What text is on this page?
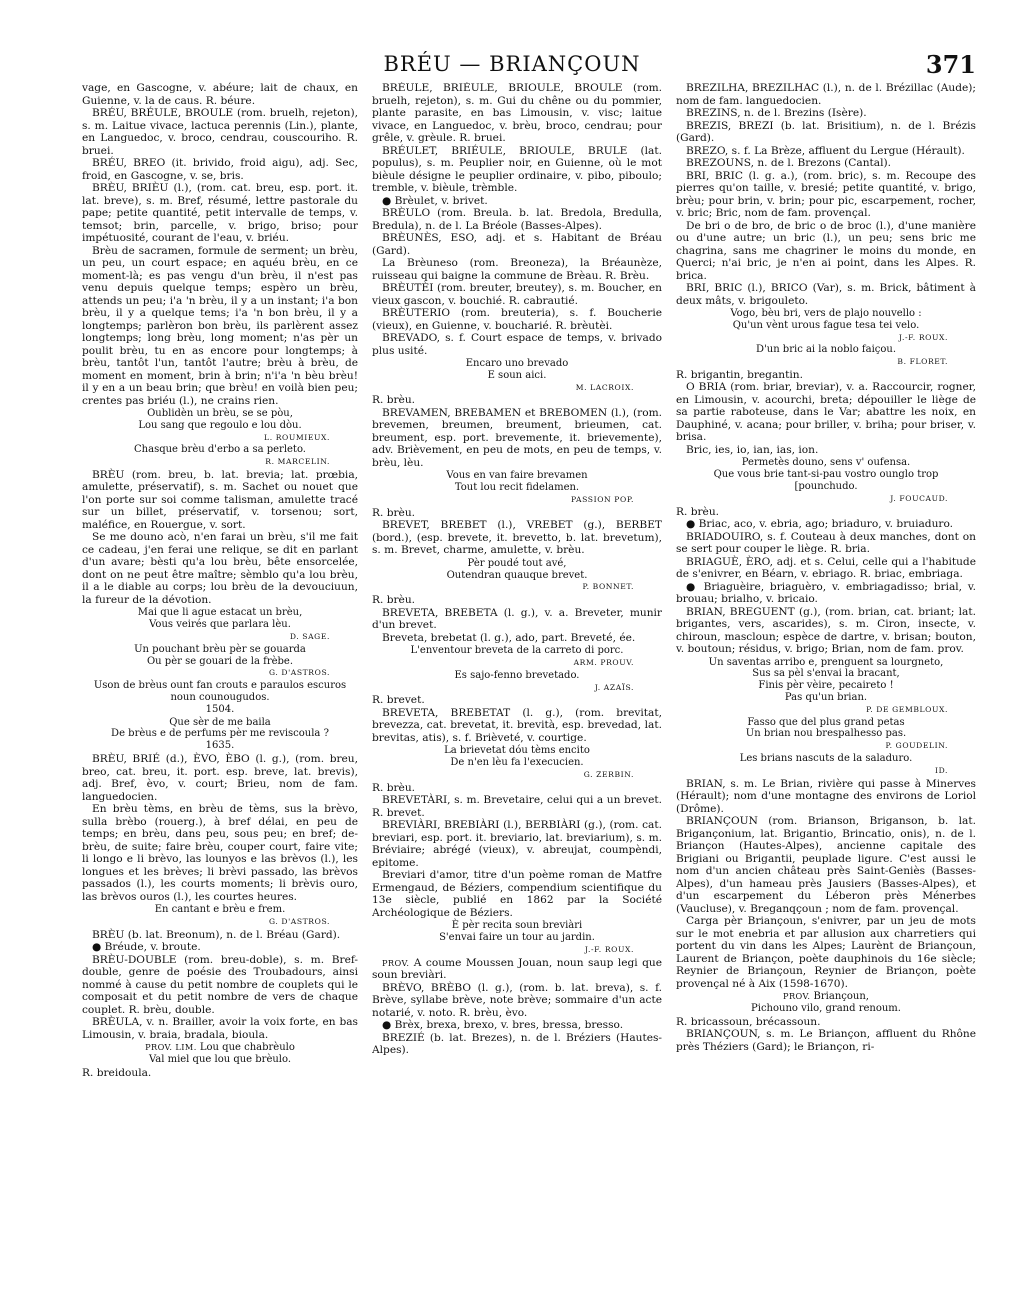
BRÉU — BRIANÇOUN	371

vage, en Gascogne, v. abéure; lait de chaux, en Guienne, v. la de caus. R. béure.

BRÉU, BRÉULE, BROULE (rom. bruelh, rejeton), s. m. Laitue vivace, lactuca perennis (Lin.), plante, en Languedoc, v. broco, cendrau, couscouriho. R. bruei.

BRÉU, BREO (it. brivido, froid aigu), adj. Sec, froid, en Gascogne, v. se, bris.

BRÈU, BRIÈU (l.), (rom. cat. breu, esp. port. it. lat. breve), s. m. Bref, résumé, lettre pastorale du pape; petite quantité, petit intervalle de temps, v. temsot; brin, parcelle, v. brigo, briso; pour impétuosité, courant de l'eau, v. briéu.

Brèu de sacramen, formule de serment; un brèu, un peu, un court espace; en aquéu brèu, en ce moment-là; es pas vengu d'un brèu, il n'est pas venu depuis quelque temps; espèro un brèu, attends un peu; i'a 'n brèu, il y a un instant; i'a bon brèu, il y a quelque tems; i'a 'n bon brèu, il y a longtemps; parlèron bon brèu, ils parlèrent assez longtemps; long brèu, long moment; n'as pèr un poulit brèu, tu en as encore pour longtemps; à brèu, tantôt l'un, tantôt l'autre; brèu à brèu, de moment en moment, brin à brin; n'i'a 'n bèu brèu! il y en a un beau brin; que brèu! en voilà bien peu; crentes pas briéu (l.), ne crains rien.

Oublidèn un brèu, se se pòu,
Lou sang que regoulo e lou dòu.
L. ROUMIEUX.
Chasque brèu d'erbo a sa perleto.
R. MARCELIN.

BRÈU (rom. breu, b. lat. brevia; lat. prœbia, amulette, préservatif), s. m. Sachet ou nouet que l'on porte sur soi comme talisman, amulette tracé sur un billet, préservatif, v. torsenou; sort, maléfice, en Rouergue, v. sort.

Se me douno acò, n'en farai un brèu, s'il me fait ce cadeau, j'en ferai une relique, se dit en parlant d'un avare; bèsti qu'a lou brèu, bête ensorcelée, dont on ne peut être maître; sèmblo qu'a lou brèu, il a le diable au corps; lou brèu de la devouciuun, la fureur de la dévotion.

Mai que li ague estacat un brèu,
Vous veirés que parlara lèu.
D. SAGE.
Un pouchant brèu pèr se gouarda
Ou pèr se gouari de la frèbe.
G. D'ASTROS.
Uson de brèus ount fan crouts e paraulos escuros
noun counougudos.
1504.
Que sèr de me baila
De brèus e de perfums pèr me reviscoula ?
1635.

BRÈU, BRIÉ (d.), ÈVO, ÈBO (l. g.), (rom. breu, breo, cat. breu, it. port. esp. breve, lat. brevis), adj. Bref, èvo, v. court; Brieu, nom de fam. languedocien.

En brèu tèms, en brèu de tèms, sus la brèvo, sulla brèbo (rouerg.), à bref délai, en peu de temps; en brèu, dans peu, sous peu; en bref; de-brèu, de suite; faire brèu, couper court, faire vite; li longo e li brèvo, las lounyos e las brèvos (l.), les longues et les brèves; li brèvi passado, las brèvos passados (l.), les courts moments; li brèvis ouro, las brèvos ouros (l.), les courtes heures.

En cantant e brèu e frem.
G. D'ASTROS.

BRÈU (b. lat. Breonum), n. de l. Bréau (Gard).

● Bréude, v. broute.

BRÈU-DOUBLE (rom. breu-doble), s. m. Bref-double, genre de poésie des Troubadours, ainsi nommé à cause du petit nombre de couplets qui le composait et du petit nombre de vers de chaque couplet. R. brèu, double.

BRÈULA, v. n. Brailler, avoir la voix forte, en bas Limousin, v. braia, bradala, bioula.

PROV. LIM. Lou que chabrèulo
Val miel que lou que brèulo.

R. breidoula.

BRÉULE, BRIÉULE, BRIOULE, BROULE (rom. bruelh, rejeton), s. m. Gui du chêne ou du pommier, plante parasite, en bas Limousin, v. visc; laitue vivace, en Languedoc, v. brèu, broco, cendrau; pour grêle, v. grèule. R. bruei.

BRÉULET, BRIÉULE, BRIOULE, BRULE (lat. populus), s. m. Peuplier noir, en Guienne, où le mot bièule désigne le peuplier ordinaire, v. pibo, piboulo; tremble, v. bièule, trèmble.

● Brèulet, v. brivet.

BRÈULO (rom. Breula. b. lat. Bredola, Bredulla, Bredula), n. de l. La Bréole (Basses-Alpes).

BRÈUNÈS, ESO, adj. et s. Habitant de Bréau (Gard).

La Brèuneso (rom. Breoneza), la Bréaunèze, ruisseau qui baigne la commune de Brèau. R. Brèu.

BRÈUTÈI (rom. breuter, breutey), s. m. Boucher, en vieux gascon, v. bouchié. R. cabrautié.

BRÈUTERIO (rom. breuteria), s. f. Boucherie (vieux), en Guienne, v. boucharié. R. brèutèi.

BREVADO, s. f. Court espace de temps, v. brivado plus usité.

Encaro uno brevado
E soun aici.
M. LACROIX.

R. brèu.

BREVAMEN, BREBAMEN et BREBOMEN (l.), (rom. brevemen, breumen, breument, brieumen, cat. breument, esp. port. brevemente, it. brievemente), adv. Brièvement, en peu de mots, en peu de temps, v. brèu, lèu.

Vous en van faire brevamen
Tout lou recit fidelamen.
PASSION POP.

R. brèu.

BREVET, BREBET (l.), VREBET (g.), BERBET (bord.), (esp. brevete, it. brevetto, b. lat. brevetum), s. m. Brevet, charme, amulette, v. brèu.

Pèr poudé tout avé,
Outendran quauque brevet.
P. BONNET.

R. brèu.

BREVETA, BREBETA (l. g.), v. a. Breveter, munir d'un brevet.

Breveta, brebetat (l. g.), ado, part. Breveté, ée.

L'enventour breveta de la carreto di porc.
ARM. PROUV.
Es sajo-fenno brevetado.
J. AZAÏS.

R. brevet.

BREVETA, BREBETAT (l. g.), (rom. brevitat, brevezza, cat. brevetat, it. brevità, esp. brevedad, lat. brevitas, atis), s. f. Brièveté, v. courtige.

La brievetat dóu tèms encito
De n'en lèu fa l'execucien.
G. ZERBIN.

R. brèu.

BREVETÀRI, s. m. Brevetaire, celui qui a un brevet. R. brevet.

BREVIÀRI, BREBIÀRI (l.), BERBIÀRI (g.), (rom. cat. breviari, esp. port. it. breviario, lat. breviarium), s. m. Bréviaire; abrégé (vieux), v. abreujat, coumpèndi, epitome.

Breviari d'amor, titre d'un poème roman de Matfre Ermengaud, de Béziers, compendium scientifique du 13e siècle, publié en 1862 par la Société Archéologique de Béziers.

È pèr recita soun breviàri
S'envai faire un tour au jardin.
J.-F. ROUX.

PROV. A coume Moussen Jouan, noun saup legi que soun breviàri.

BRÈVO, BRÈBO (l. g.), (rom. b. lat. breva), s. f. Brève, syllabe brève, note brève; sommaire d'un acte notarié, v. noto. R. brèu, èvo.

● Brèx, brexa, brexo, v. bres, bressa, bresso.

BREZIÉ (b. lat. Brezes), n. de l. Bréziers (Hautes-Alpes).

BREZILHA, BREZILHAC (l.), n. de l. Brézillac (Aude); nom de fam. languedocien.

BREZINS, n. de l. Brezins (Isère).

BREZIS, BREZI (b. lat. Brisitium), n. de l. Brézis (Gard).

BREZO, s. f. La Brèze, affluent du Lergue (Hérault).

BREZOUNS, n. de l. Brezons (Cantal).

BRI, BRIC (l. g. a.), (rom. bric), s. m. Recoupe des pierres qu'on taille, v. bresié; petite quantité, v. brigo, brèu; pour brin, v. brin; pour pic, escarpement, rocher, v. bric; Bric, nom de fam. provençal.

De bri o de bro, de bric o de broc (l.), d'une manière ou d'une autre; un bric (l.), un peu; sens bric me chagrina, sans me chagriner le moins du monde, en Querci; n'ai bric, je n'en ai point, dans les Alpes. R. brica.

BRI, BRIC (l.), BRICO (Var), s. m. Brick, bâtiment à deux mâts, v. brigouleto.

Vogo, bèu bri, vers de plajo nouvello :
Qu'un vènt urous fague tesa tei velo.
J.-F. ROUX.
D'un bric ai la noblo faiçou.
B. FLORET.

R. brigantin, bregantin.

O BRIA (rom. briar, breviar), v. a. Raccourcir, rogner, en Limousin, v. acourchi, breta; dépouiller le liège de sa partie raboteuse, dans le Var; abattre les noix, en Dauphiné, v. acana; pour briller, v. briha; pour briser, v. brisa.

Bric, ies, io, ian, ias, ion.

Permetès douno, sens v' oufensa.
Que vous brie tant-si-pau vostro ounglo trop
[pounchudo.
J. FOUCAUD.

R. brèu.

● Briac, aco, v. ebria, ago; briaduro, v. bruiaduro.

BRIADOUIRO, s. f. Couteau à deux manches, dont on se sert pour couper le liège. R. bria.

BRIAGUÈ, ÈRO, adj. et s. Celui, celle qui a l'habitude de s'enivrer, en Béarn, v. ebriago. R. briac, embriaga.

● Briaguèire, briaguèro, v. embriagadisso; brial, v. brouau; brialho, v. bricaio.

BRIAN, BREGUENT (g.), (rom. brian, cat. briant; lat. brigantes, vers, ascarides), s. m. Ciron, insecte, v. chiroun, mascloun; espèce de dartre, v. brisan; bouton, v. boutoun; résidus, v. brigo; Brian, nom de fam. prov.

Un saventas arribo e, prenguent sa lourgneto,
Sus sa pèl s'envai la bracant,
Finis pèr vèire, pecaireto !
Pas qu'un brian.
P. DE GEMBLOUX.
Fasso que del plus grand petas
Un brian nou brespalhesso pas.
P. GOUDELIN.
Les brians nascuts de la saladuro.
ID.

BRIAN, s. m. Le Brian, rivière qui passe à Minerves (Hérault); nom d'une montagne des environs de Loriol (Drôme).

BRIANÇOUN (rom. Brianson, Briganson, b. lat. Brigançonium, lat. Brigantio, Brincatio, onis), n. de l. Briançon (Hautes-Alpes), ancienne capitale des Brigiani ou Brigantii, peuplade ligure. C'est aussi le nom d'un ancien château près Saint-Geniès (Basses-Alpes), d'un hameau près Jausiers (Basses-Alpes), et d'un escarpement du Léberon près Ménerbes (Vaucluse), v. Breganqçoun ; nom de fam. provençal.

Carga pèr Briançoun, s'enivrer, par un jeu de mots sur le mot enebria et par allusion aux charretiers qui portent du vin dans les Alpes; Laurènt de Briançoun, Laurent de Briançon, poète dauphinois du 16e siècle; Reynier de Briançoun, Reynier de Briançon, poète provençal né à Aix (1598-1670).

PROV. Briançoun,
Pichouno vilo, grand renoum.

R. bricassoun, brécassoun.

BRIANÇOUN, s. m. Le Briançon, affluent du Rhône près Théziers (Gard); le Briançon, ri-
